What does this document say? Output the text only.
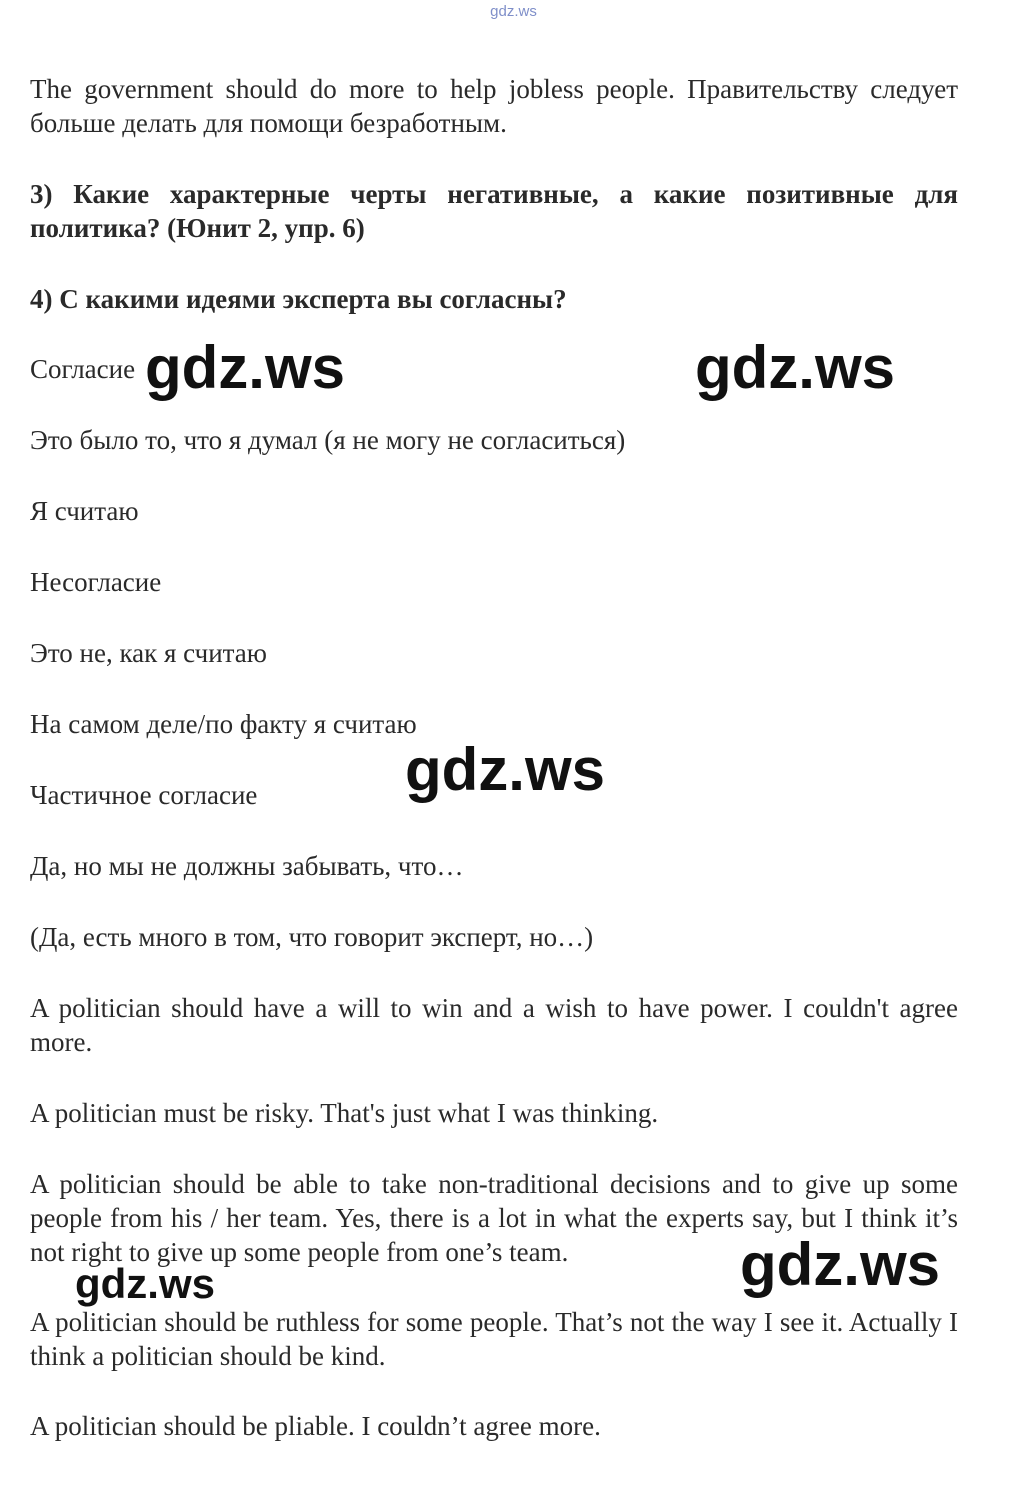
gdz.ws

The government should do more to help jobless people. Правительству следует больше делать для помощи безработным.

3) Какие характерные черты негативные, а какие позитивные для политика? (Юнит 2, упр. 6)

4) С какими идеями эксперта вы согласны?

Согласие

Это было то, что я думал (я не могу не согласиться)

Я считаю

Несогласие

Это не, как я считаю

На самом деле/по факту я считаю

Частичное согласие

Да, но мы не должны забывать, что…

(Да, есть много в том, что говорит эксперт, но…)

A politician should have a will to win and a wish to have power. I couldn't agree more.

A politician must be risky. That's just what I was thinking.

A politician should be able to take non-traditional decisions and to give up some people from his / her team. Yes, there is a lot in what the experts say, but I think it’s not right to give up some people from one’s team.

A politician should be ruthless for some people. That’s not the way I see it. Actually I think a politician should be kind.

A politician should be pliable. I couldn’t agree more.

gdz.ws	gdz.ws
gdz.ws
gdz.ws
gdz.ws
